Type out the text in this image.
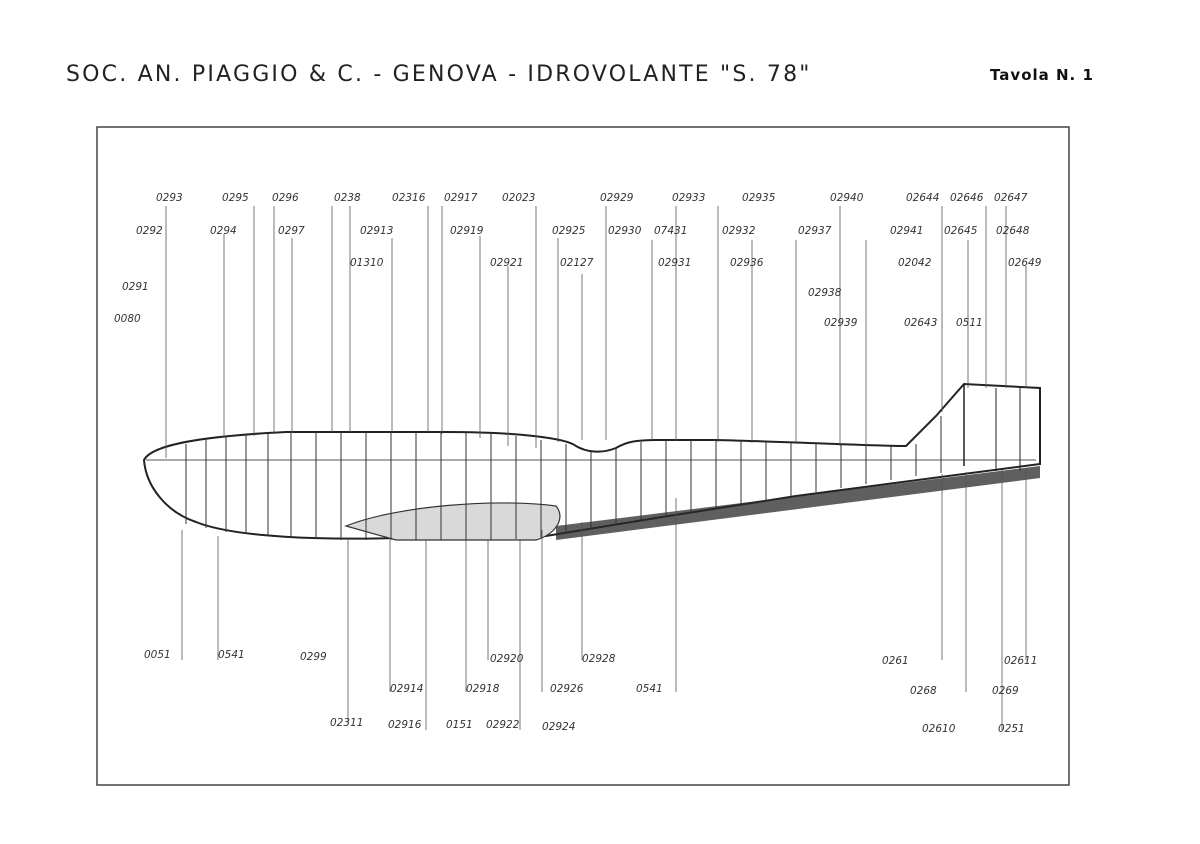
SOC. AN. PIAGGIO & C. - GENOVA - IDROVOLANTE "S. 78"	Tavola N. 1
0293	0295 0296	0238	02316 02917 02023	02929	02933	02935	02940	02644 02646 02647
0292	0294	0297	02913	02919	02925 02930 07431	02932	02937	02941 02645 02648
01310	02921	02127	02931	02936	02042	02649
0291
0080
02938
02939	02643 0511
0051	0541	0299	02920	02928	0261	02611
02914	02918	02926	0541	0268	0269
02311 02916 0151 02922 02924	02610	0251
